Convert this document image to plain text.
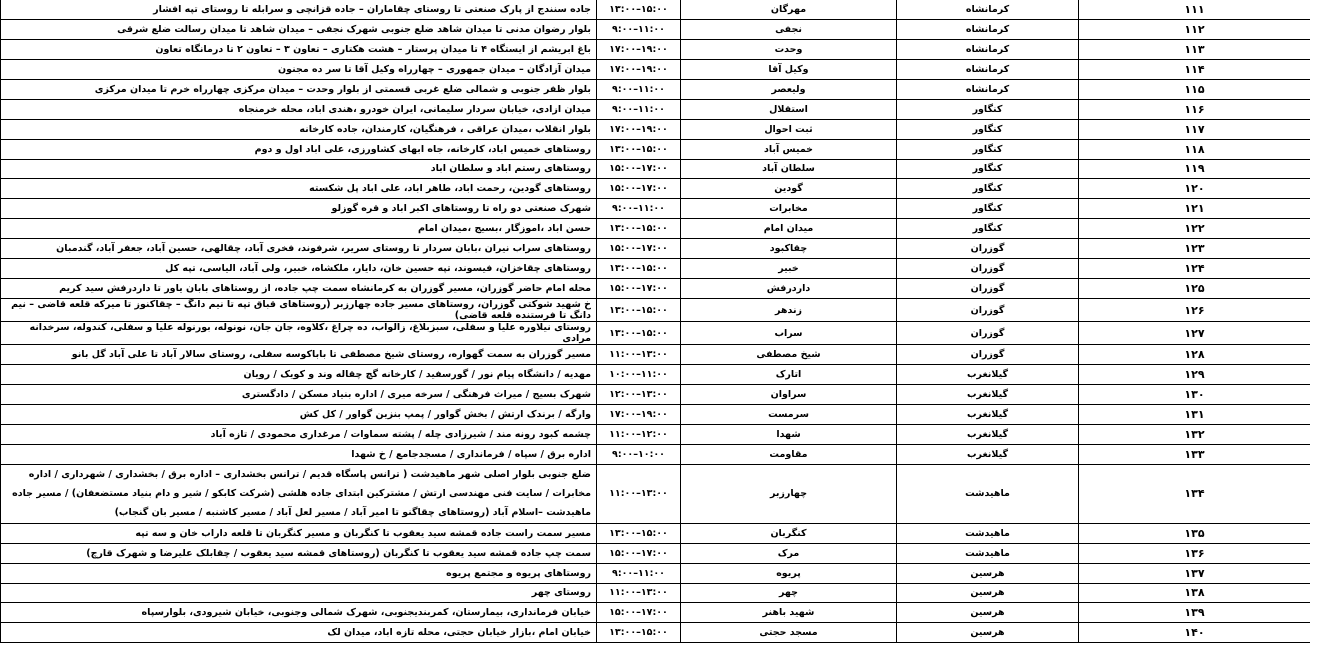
۱۱۱	کرمانشاه	مهرگان	۱۳:۰۰–۱۵:۰۰	جاده سنندج از پارک صنعتی تا روستای چقاماران – جاده قزانچی و سرابله تا روستای تپه افشار
۱۱۲	کرمانشاه	نجفی	۹:۰۰–۱۱:۰۰	بلوار رضوان مدنی تا میدان شاهد ضلع جنوبی شهرک نجفی – میدان شاهد تا میدان رسالت ضلع شرقی
۱۱۳	کرمانشاه	وحدت	۱۷:۰۰–۱۹:۰۰	باغ ابریشم از ایستگاه ۴ تا میدان پرستار – هشت هکتاری – تعاون ۳ – تعاون ۲ تا درمانگاه تعاون
۱۱۴	کرمانشاه	وکیل آقا	۱۷:۰۰–۱۹:۰۰	میدان آزادگان – میدان جمهوری – چهارراه وکیل آقا تا سر ده مجنون
۱۱۵	کرمانشاه	ولیعصر	۹:۰۰–۱۱:۰۰	بلوار ظفر جنوبی و شمالی ضلع غربی قسمتی از بلوار وحدت – میدان مرکزی چهارراه خرم تا میدان مرکزی
۱۱۶	کنگاور	استقلال	۹:۰۰–۱۱:۰۰	میدان ازادی، خیابان سردار سلیمانی، ایران خودرو ،هندی اباد، محله خرمنجاه
۱۱۷	کنگاور	ثبت احوال	۱۷:۰۰–۱۹:۰۰	بلوار انقلاب ،میدان عراقی ، فرهنگیان، کارمندان، جاده کارخانه
۱۱۸	کنگاور	خمیس آباد	۱۳:۰۰–۱۵:۰۰	روستاهای خمیس اباد، کارخانه، جاه ابهای کشاورزی، علی اباد اول و دوم
۱۱۹	کنگاور	سلطان آباد	۱۵:۰۰–۱۷:۰۰	روستاهای رستم اباد و سلطان اباد
۱۲۰	کنگاور	گودین	۱۵:۰۰–۱۷:۰۰	روستاهای گودین، رحمت اباد، طاهر اباد، علی اباد پل شکسته
۱۲۱	کنگاور	مخابرات	۹:۰۰–۱۱:۰۰	شهرک صنعتی دو راه تا روستاهای اکبر اباد و قره گوزلو
۱۲۲	کنگاور	میدان امام	۱۳:۰۰–۱۵:۰۰	حسن اباد ،اموزگار ،بسیج ،میدان امام
۱۲۳	گوزران	چقاکبود	۱۵:۰۰–۱۷:۰۰	روستاهای سراب نیران ،بابان سردار تا روستای سریر، شرفوند، فخری آباد، چقالهی، حسین آباد، جعفر آباد، گندمبان
۱۲۴	گوزران	خبیر	۱۳:۰۰–۱۵:۰۰	روستاهای چقاخزان، فیسوند، تپه حسین خان، دایار، ملکشاه، خبیر، ولی آباد، الیاسی، تپه کل
۱۲۵	گوزران	داردرفش	۱۵:۰۰–۱۷:۰۰	محله امام حاضر گوزران، مسیر گوزران به کرمانشاه سمت چپ جاده، از روستاهای بابان یاور تا داردرفش سید کریم
۱۲۶	گوزران	زندهر	۱۳:۰۰–۱۵:۰۰	خ شهید شوکتی گوزران، روستاهای مسیر جاده چهارزبر (روستاهای قباق تپه تا نیم دانگ – چقاکنوز تا میرکه قلعه قاضی – نیم دانگ تا فرستنده قلعه قاضی)
۱۲۷	گوزران	سراب	۱۳:۰۰–۱۵:۰۰	روستای نیلاوره علیا و سفلی، سبزبلاغ، زالوآب، ده چراغ ،کلاوه، جان جان، نونوله، بورنوله علیا و سفلی، کندوله، سرخدانه مرادی
۱۲۸	گوزران	شیخ مصطفی	۱۱:۰۰–۱۳:۰۰	مسیر گوزران به سمت گهواره، روستای شیخ مصطفی تا باباکوسه سفلی، روستای سالار آباد تا علی آباد گل بانو
۱۲۹	گیلانغرب	اتارک	۱۰:۰۰–۱۱:۰۰	مهدیه / دانشگاه پیام نور / گورسفید / کارخانه گچ چقاله وند و کویک / رویان
۱۳۰	گیلانغرب	سراوان	۱۲:۰۰–۱۳:۰۰	شهرک بسیج / میراث فرهنگی / سرخه میری / اداره بنیاد مسکن / دادگستری
۱۳۱	گیلانغرب	سرمست	۱۷:۰۰–۱۹:۰۰	وارگه / برندک ارتش / بخش گواور / پمپ بنزین گواور / کل کش
۱۳۲	گیلانغرب	شهدا	۱۱:۰۰–۱۲:۰۰	چشمه کبود رونه مند / شیرزادی چله / پشته سماوات / مرغداری محمودی / تازه آباد
۱۳۳	گیلانغرب	مقاومت	۹:۰۰–۱۰:۰۰	اداره برق / سپاه / فرمانداری / مسجدجامع / خ شهدا
۱۳۴	ماهیدشت	چهارزبر	۱۱:۰۰–۱۳:۰۰	ضلع جنوبی بلوار اصلی شهر ماهیدشت ( ترانس پاسگاه قدیم / ترانس بخشداری – اداره برق / بخشداری / شهرداری / اداره مخابرات / سایت فنی مهندسی ارتش / مشترکین ابتدای جاده هلشی (شرکت کابکو / شیر و دام بنیاد مستضعفان) / مسیر جاده ماهیدشت –اسلام آباد (روستاهای چقاگنو تا امیر آباد / مسیر لعل آباد / مسیر کاشنبه / مسیر بان گنجاب)
۱۳۵	ماهیدشت	کنگربان	۱۳:۰۰–۱۵:۰۰	مسیر سمت راست جاده قمشه سید یعقوب تا کنگربان و مسیر کنگربان تا قلعه داراب خان و سه تپه
۱۳۶	ماهیدشت	مرک	۱۵:۰۰–۱۷:۰۰	سمت چپ جاده قمشه سید یعقوب تا کنگربان (روستاهای قمشه سید یعقوب / چقابلک علیرضا و شهرک قارچ)
۱۳۷	هرسین	پریوه	۹:۰۰–۱۱:۰۰	روستاهای پریوه و مجتمع پریوه
۱۳۸	هرسین	چهر	۱۱:۰۰–۱۳:۰۰	روستای چهر
۱۳۹	هرسین	شهید باهنر	۱۵:۰۰–۱۷:۰۰	خیابان فرمانداری، بیمارستان، کمربندیجنوبی، شهرک شمالی وجنوبی، خیابان شیرودی، بلوارسپاه
۱۴۰	هرسین	مسجد حجتی	۱۳:۰۰–۱۵:۰۰	خیابان امام ،بازار خیابان حجتی، محله تازه اباد، میدان لک
